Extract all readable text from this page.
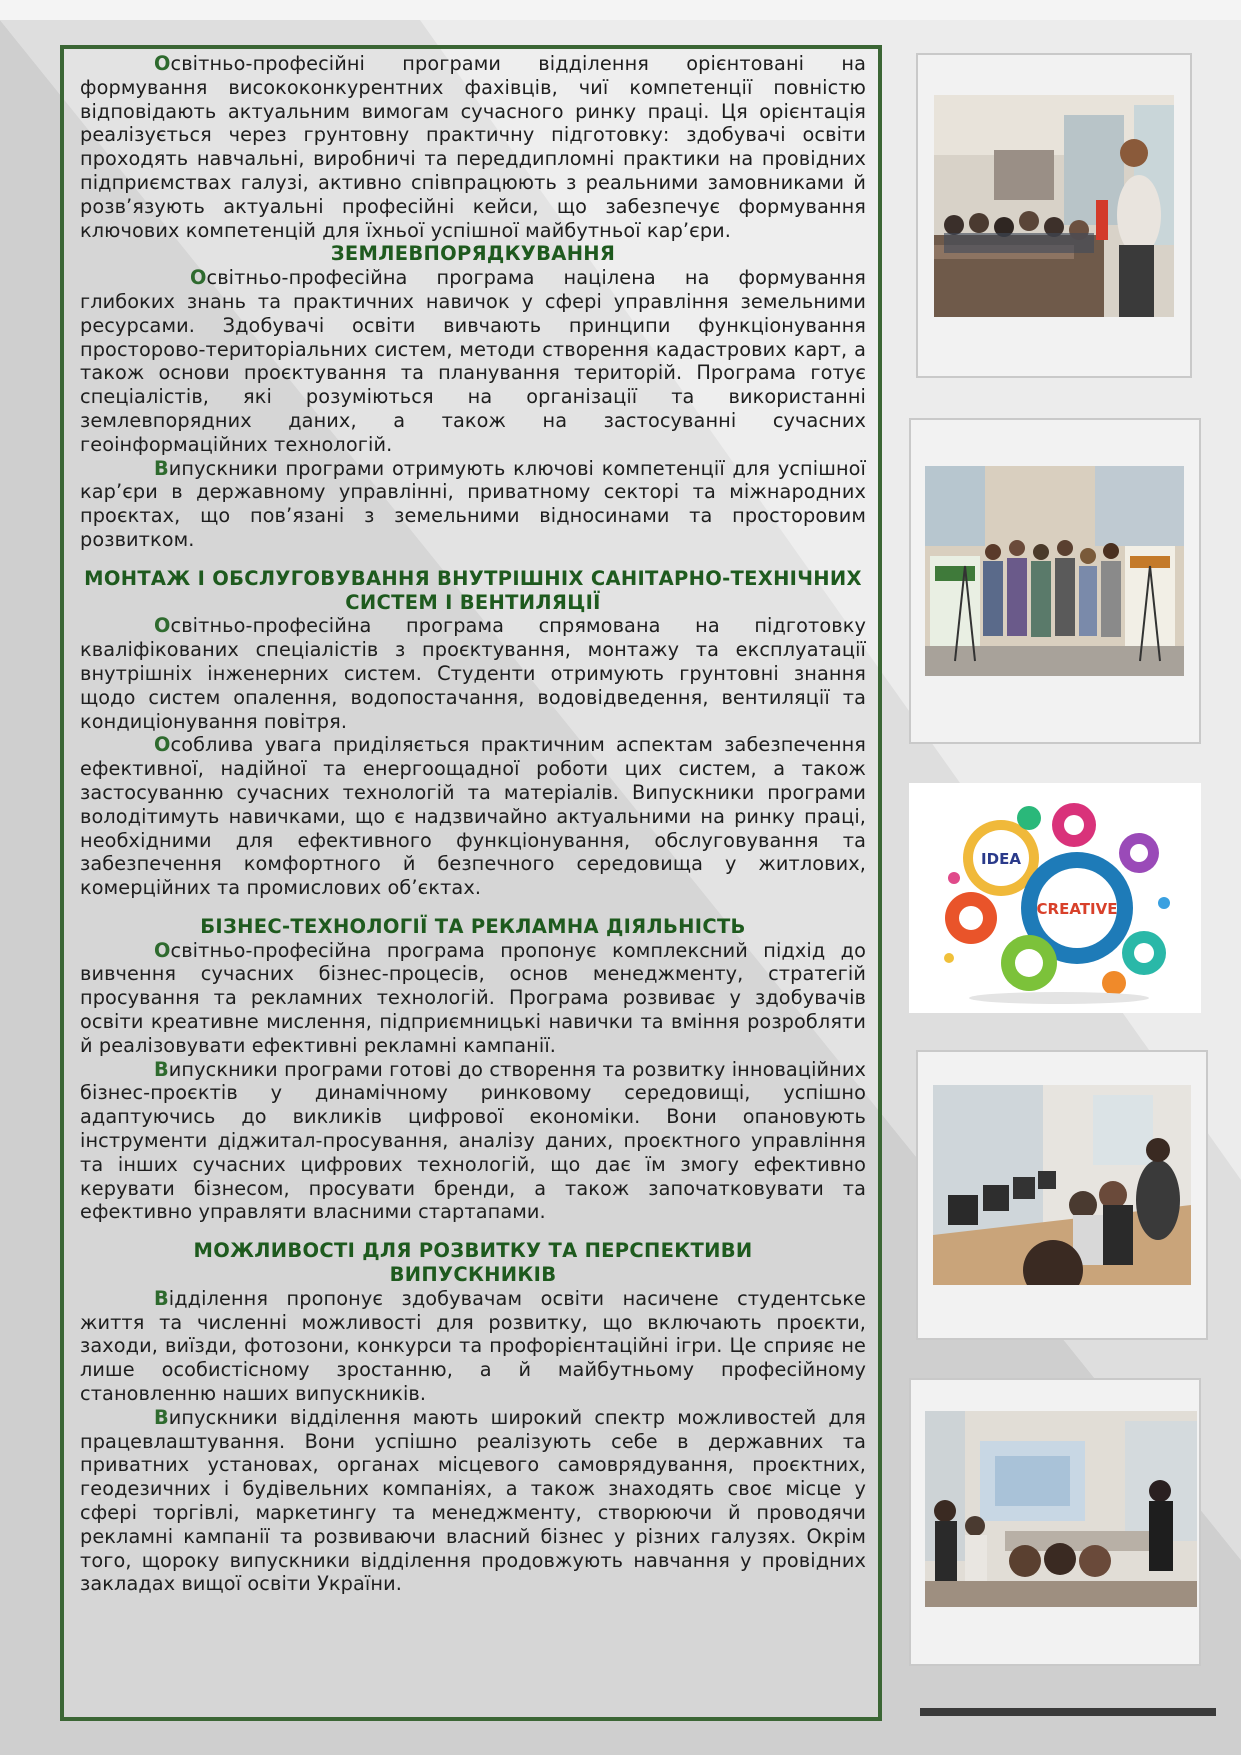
Освітньо-професійні програми відділення орієнтовані на формування висококонкурентних фахівців, чиї компетенції повністю відповідають актуальним вимогам сучасного ринку праці. Ця орієнтація реалізується через грунтовну практичну підготовку: здобувачі освіти проходять навчальні, виробничі та переддипломні практики на провідних підприємствах галузі, активно співпрацюють з реальними замовниками й розв’язують актуальні професійні кейси, що забезпечує формування ключових компетенцій для їхньої успішної майбутньої кар’єри.

ЗЕМЛЕВПОРЯДКУВАННЯ

Освітньо-професійна програма націлена на формування глибоких знань та практичних навичок у сфері управління земельними ресурсами. Здобувачі освіти вивчають принципи функціонування просторово-територіальних систем, методи створення кадастрових карт, а також основи проєктування та планування територій. Програма готує спеціалістів, які розуміються на організації та використанні землевпорядних даних, а також на застосуванні сучасних геоінформаційних технологій.

Випускники програми отримують ключові компетенції для успішної кар’єри в державному управлінні, приватному секторі та міжнародних проєктах, що пов’язані з земельними відносинами та просторовим розвитком.

МОНТАЖ І ОБСЛУГОВУВАННЯ ВНУТРІШНІХ САНІТАРНО-ТЕХНІЧНИХ СИСТЕМ І ВЕНТИЛЯЦІЇ

Освітньо-професійна програма спрямована на підготовку кваліфікованих спеціалістів з проєктування, монтажу та експлуатації внутрішніх інженерних систем. Студенти отримують грунтовні знання щодо систем опалення, водопостачання, водовідведення, вентиляції та кондиціонування повітря.

Особлива увага приділяється практичним аспектам забезпечення ефективної, надійної та енергоощадної роботи цих систем, а також застосуванню сучасних технологій та матеріалів. Випускники програми володітимуть навичками, що є надзвичайно актуальними на ринку праці, необхідними для ефективного функціонування, обслуговування та забезпечення комфортного й безпечного середовища у житлових, комерційних та промислових об’єктах.

БІЗНЕС-ТЕХНОЛОГІЇ ТА РЕКЛАМНА ДІЯЛЬНІСТЬ

Освітньо-професійна програма пропонує комплексний підхід до вивчення сучасних бізнес-процесів, основ менеджменту, стратегій просування та рекламних технологій. Програма розвиває у здобувачів освіти креативне мислення, підприємницькі навички та вміння розробляти й реалізовувати ефективні рекламні кампанії.

Випускники програми готові до створення та розвитку інноваційних бізнес-проєктів у динамічному ринковому середовищі, успішно адаптуючись до викликів цифрової економіки. Вони опановують інструменти діджитал-просування, аналізу даних, проєктного управління та інших сучасних цифрових технологій, що дає їм змогу ефективно керувати бізнесом, просувати бренди, а також започатковувати та ефективно управляти власними стартапами.

МОЖЛИВОСТІ ДЛЯ РОЗВИТКУ ТА ПЕРСПЕКТИВИ ВИПУСКНИКІВ

Відділення пропонує здобувачам освіти насичене студентське життя та численні можливості для розвитку, що включають проєкти, заходи, виїзди, фотозони, конкурси та профорієнтаційні ігри. Це сприяє не лише особистісному зростанню, а й майбутньому професійному становленню наших випускників.

Випускники відділення мають широкий спектр можливостей для працевлаштування. Вони успішно реалізують себе в державних та приватних установах, органах місцевого самоврядування, проєктних, геодезичних і будівельних компаніях, а також знаходять своє місце у сфері торгівлі, маркетингу та менеджменту, створюючи й проводячи рекламні кампанії та розвиваючи власний бізнес у різних галузях. Окрім того, щороку випускники відділення продовжують навчання у провідних закладах вищої освіти України.

IDEA
CREATIVE
